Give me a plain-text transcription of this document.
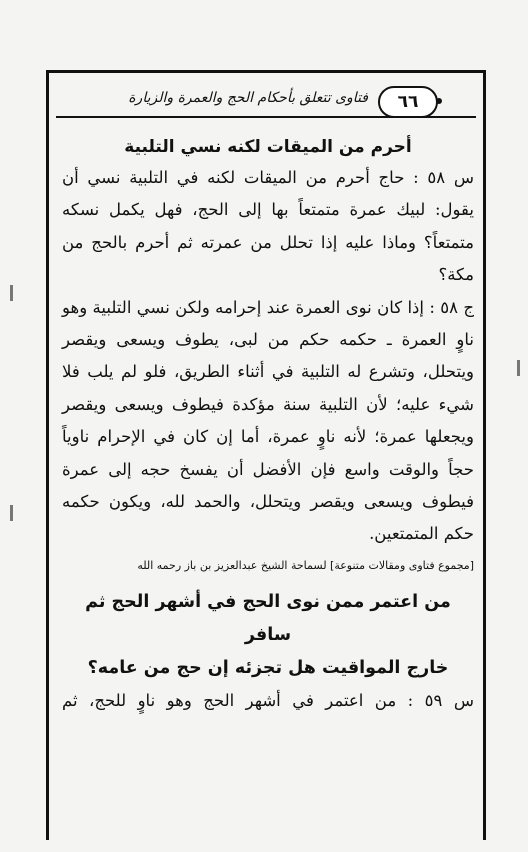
٦٦
فتاوى تتعلق بأحكام الحج والعمرة والزيارة
أحرم من الميقات لكنه نسي التلبية

س ٥٨ : حاج أحرم من الميقات لكنه في التلبية نسي أن يقول: لبيك عمرة متمتعاً بها إلى الحج، فهل يكمل نسكه متمتعاً؟ وماذا عليه إذا تحلل من عمرته ثم أحرم بالحج من مكة؟

ج ٥٨ : إذا كان نوى العمرة عند إحرامه ولكن نسي التلبية وهو ناوٍ العمرة ـ حكمه حكم من لبى، يطوف ويسعى ويقصر ويتحلل، وتشرع له التلبية في أثناء الطريق، فلو لم يلب فلا شيء عليه؛ لأن التلبية سنة مؤكدة فيطوف ويسعى ويقصر ويجعلها عمرة؛ لأنه ناوٍ عمرة، أما إن كان في الإحرام ناوياً حجاً والوقت واسع فإن الأفضل أن يفسخ حجه إلى عمرة فيطوف ويسعى ويقصر ويتحلل، والحمد لله، ويكون حكمه حكم المتمتعين.

[مجموع فتاوى ومقالات متنوعة] لسماحة الشيخ عبدالعزيز بن باز رحمه الله
من اعتمر ممن نوى الحج في أشهر الحج ثم سافر
خارج المواقيت هل تجزئه إن حج من عامه؟

س ٥٩ : من اعتمر في أشهر الحج وهو ناوٍ للحج، ثم
